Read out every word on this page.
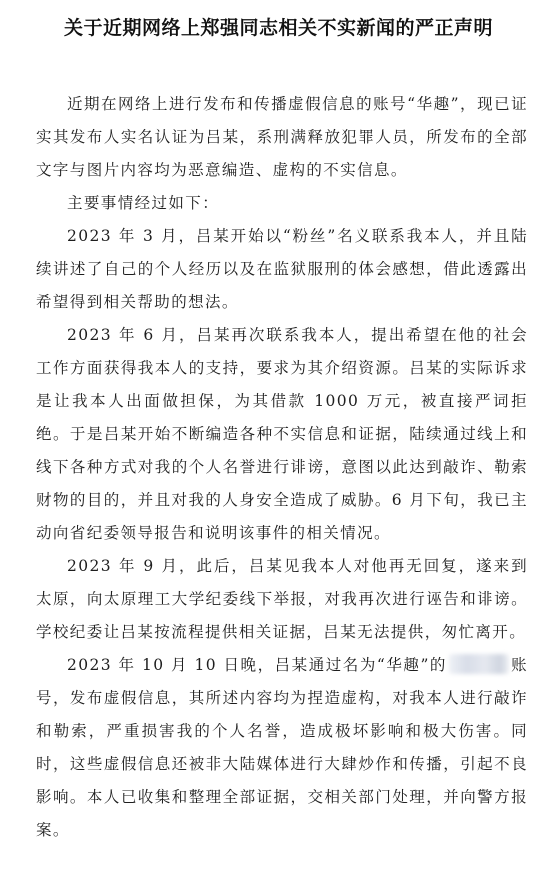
关于近期网络上郑强同志相关不实新闻的严正声明

近期在网络上进行发布和传播虚假信息的账号“华趣”，现已证实其发布人实名认证为吕某，系刑满释放犯罪人员，所发布的全部文字与图片内容均为恶意编造、虚构的不实信息。

主要事情经过如下：

2023 年 3 月，吕某开始以“粉丝”名义联系我本人，并且陆续讲述了自己的个人经历以及在监狱服刑的体会感想，借此透露出希望得到相关帮助的想法。

2023 年 6 月，吕某再次联系我本人，提出希望在他的社会工作方面获得我本人的支持，要求为其介绍资源。吕某的实际诉求是让我本人出面做担保，为其借款 1000 万元，被直接严词拒绝。于是吕某开始不断编造各种不实信息和证据，陆续通过线上和线下各种方式对我的个人名誉进行诽谤，意图以此达到敲诈、勒索财物的目的，并且对我的人身安全造成了威胁。6 月下旬，我已主动向省纪委领导报告和说明该事件的相关情况。

2023 年 9 月，此后，吕某见我本人对他再无回复，遂来到太原，向太原理工大学纪委线下举报，对我再次进行诬告和诽谤。学校纪委让吕某按流程提供相关证据，吕某无法提供，匆忙离开。

2023 年 10 月 10 日晚，吕某通过名为“华趣”的	账号，发布虚假信息，其所述内容均为捏造虚构，对我本人进行敲诈和勒索，严重损害我的个人名誉，造成极坏影响和极大伤害。同时，这些虚假信息还被非大陆媒体进行大肆炒作和传播，引起不良影响。本人已收集和整理全部证据，交相关部门处理，并向警方报案。
